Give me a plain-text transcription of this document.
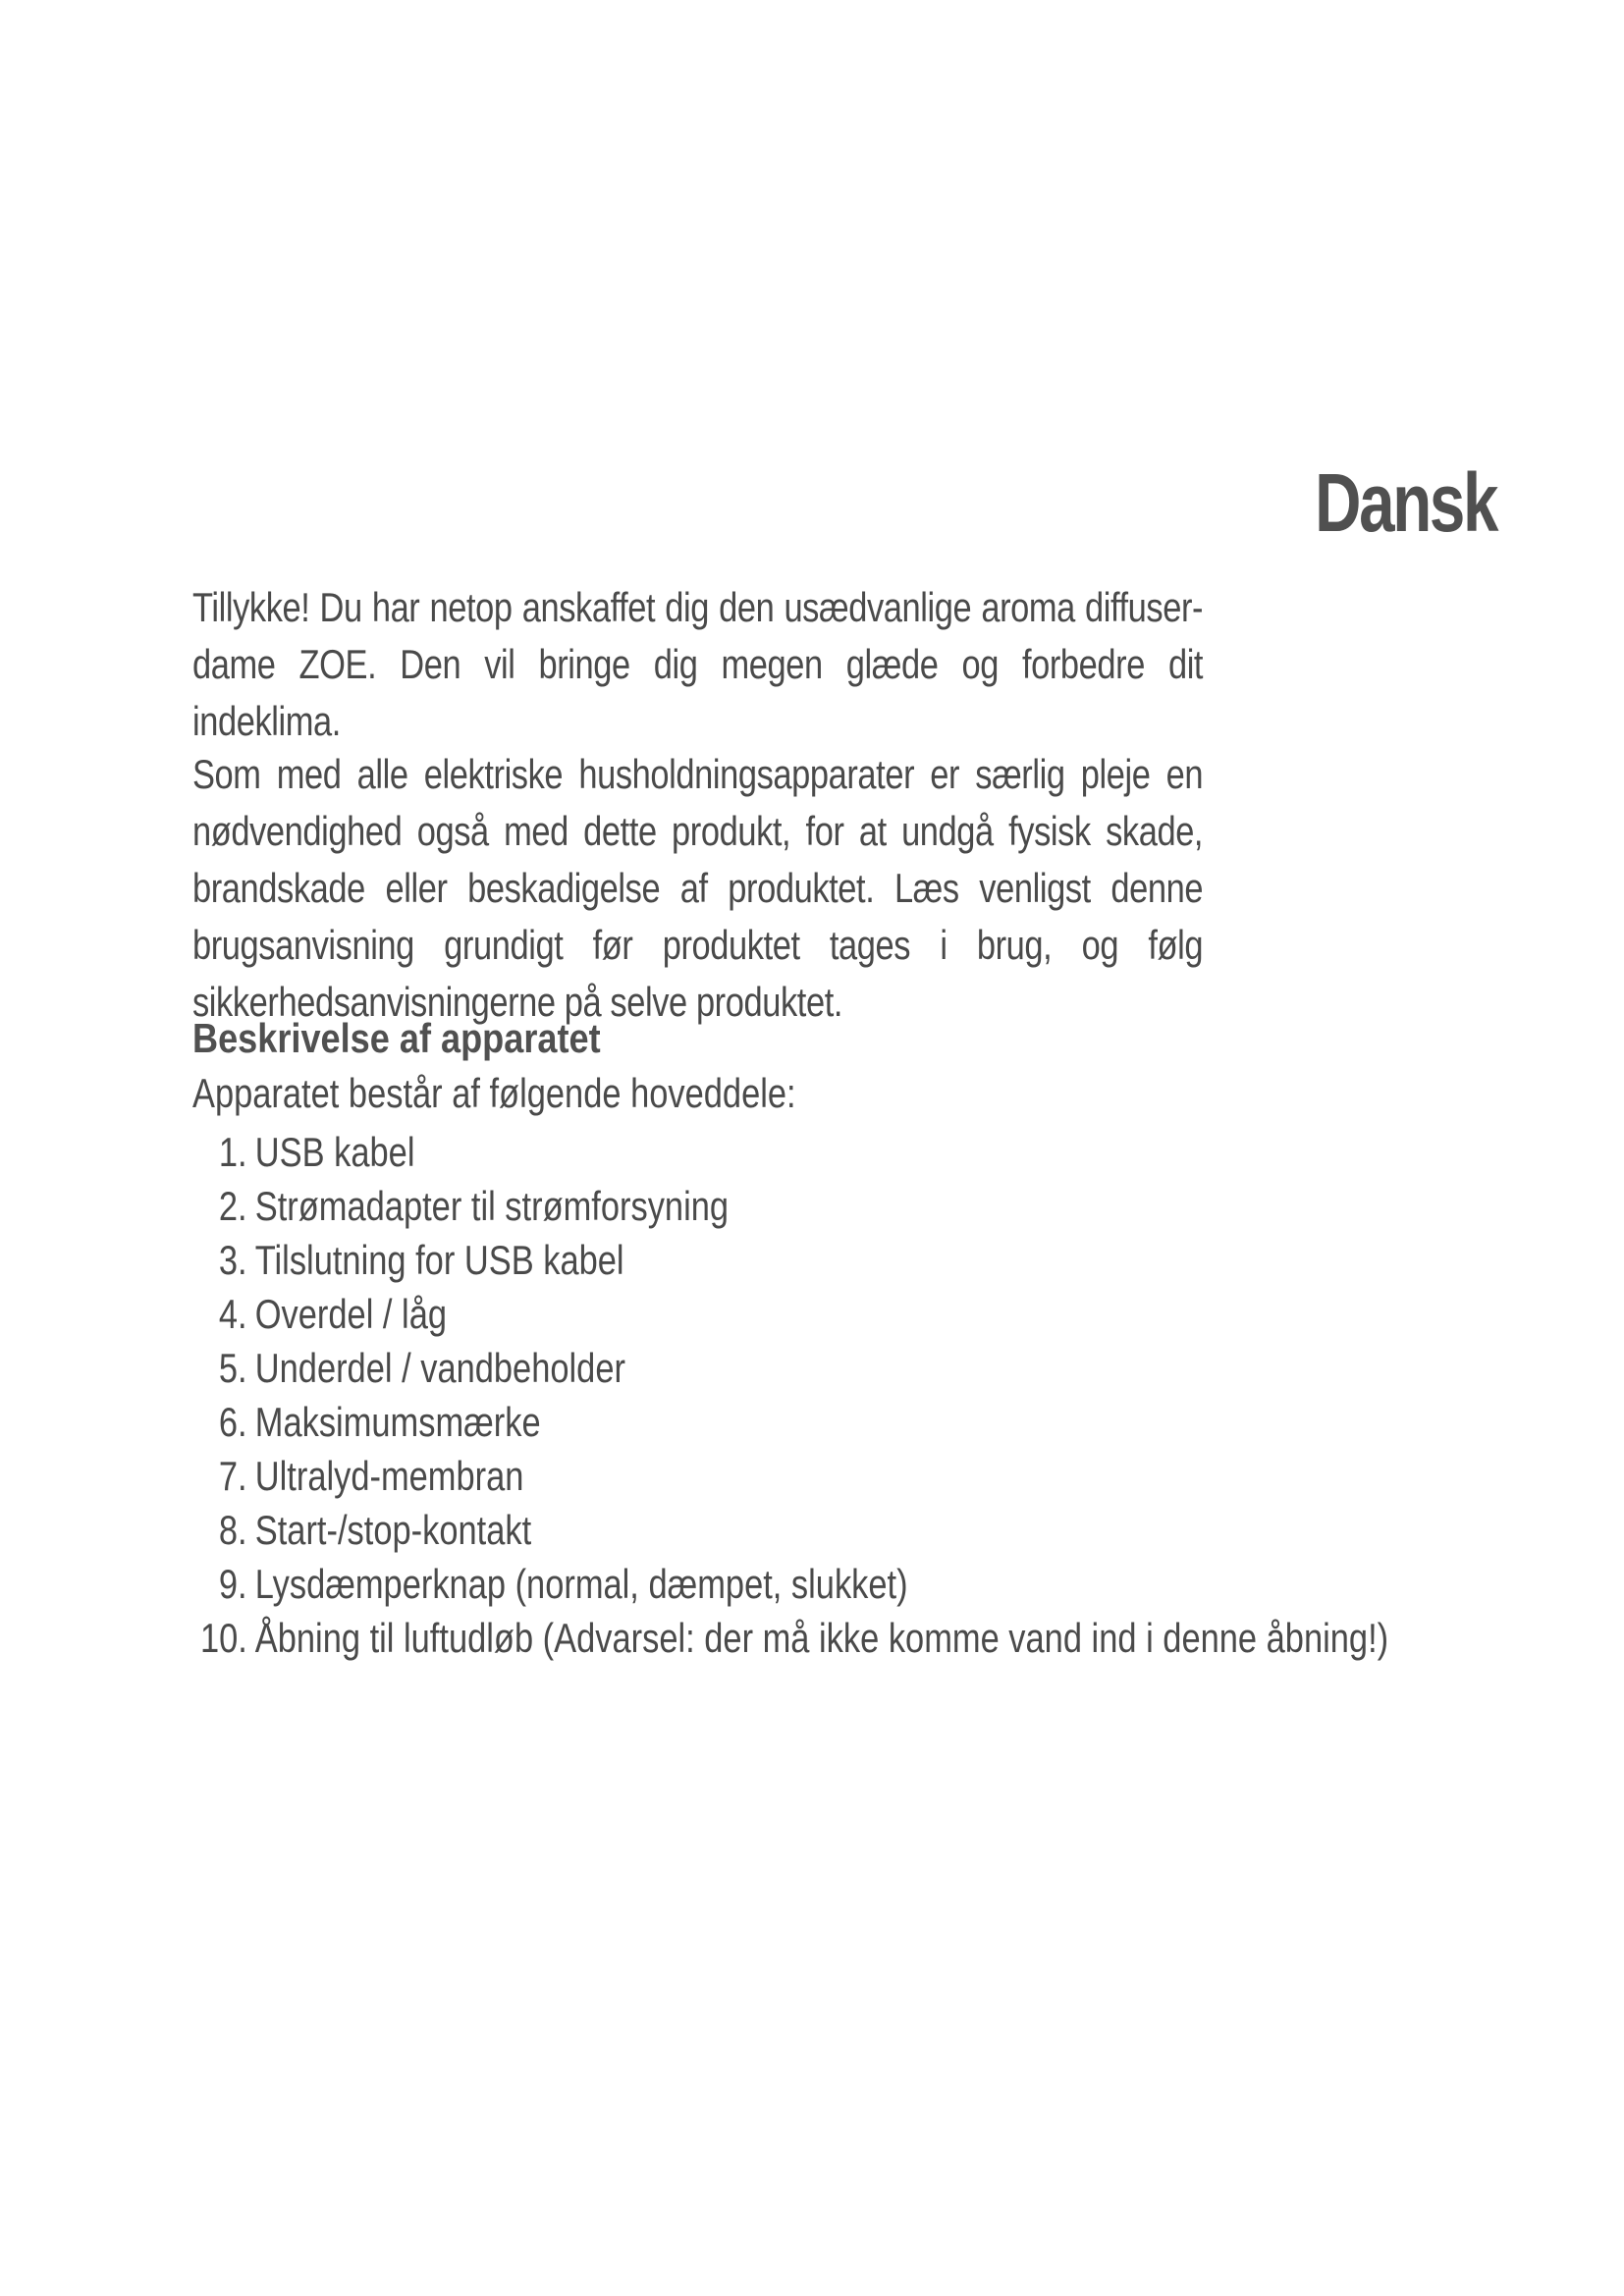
Dansk

Tillykke! Du har netop anskaffet dig den usædvanlige aroma diffuser-dame ZOE. Den vil bringe dig megen glæde og forbedre dit indeklima.

Som med alle elektriske husholdningsapparater er særlig pleje en nødvendighed også med dette produkt, for at undgå fysisk skade, brandskade eller beskadigelse af produktet. Læs venligst denne brugsanvisning grundigt før produktet tages i brug, og følg sikkerhedsanvisningerne på selve produktet.

Beskrivelse af apparatet

Apparatet består af følgende hoveddele:

1. USB kabel
2. Strømadapter til strømforsyning
3. Tilslutning for USB kabel
4. Overdel / låg
5. Underdel / vandbeholder
6. Maksimumsmærke
7. Ultralyd-membran
8. Start-/stop-kontakt
9. Lysdæmperknap (normal, dæmpet, slukket)
10. Åbning til luftudløb (Advarsel: der må ikke komme vand ind i denne åbning!)
